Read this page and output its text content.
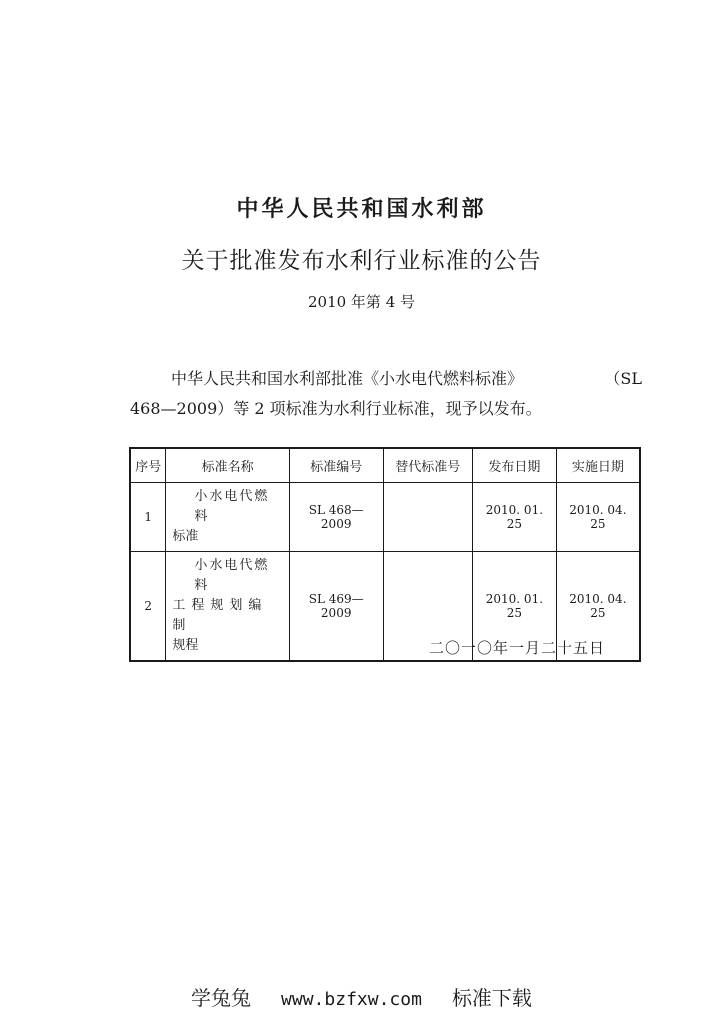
中华人民共和国水利部
关于批准发布水利行业标准的公告
2010 年第 4 号
中华人民共和国水利部批准《小水电代燃料标准》	（SL
468—2009）等 2 项标准为水利行业标准，现予以发布。
序号	标准名称	标准编号	替代标准号	发布日期	实施日期
1	小水电代燃料
标准	SL 468—2009		2010. 01. 25	2010. 04. 25
2	小水电代燃料
工程规划编制
规程	SL 469—2009		2010. 01. 25	2010. 04. 25
二〇一〇年一月二十五日
学兔兔 www.bzfxw.com 标准下载
